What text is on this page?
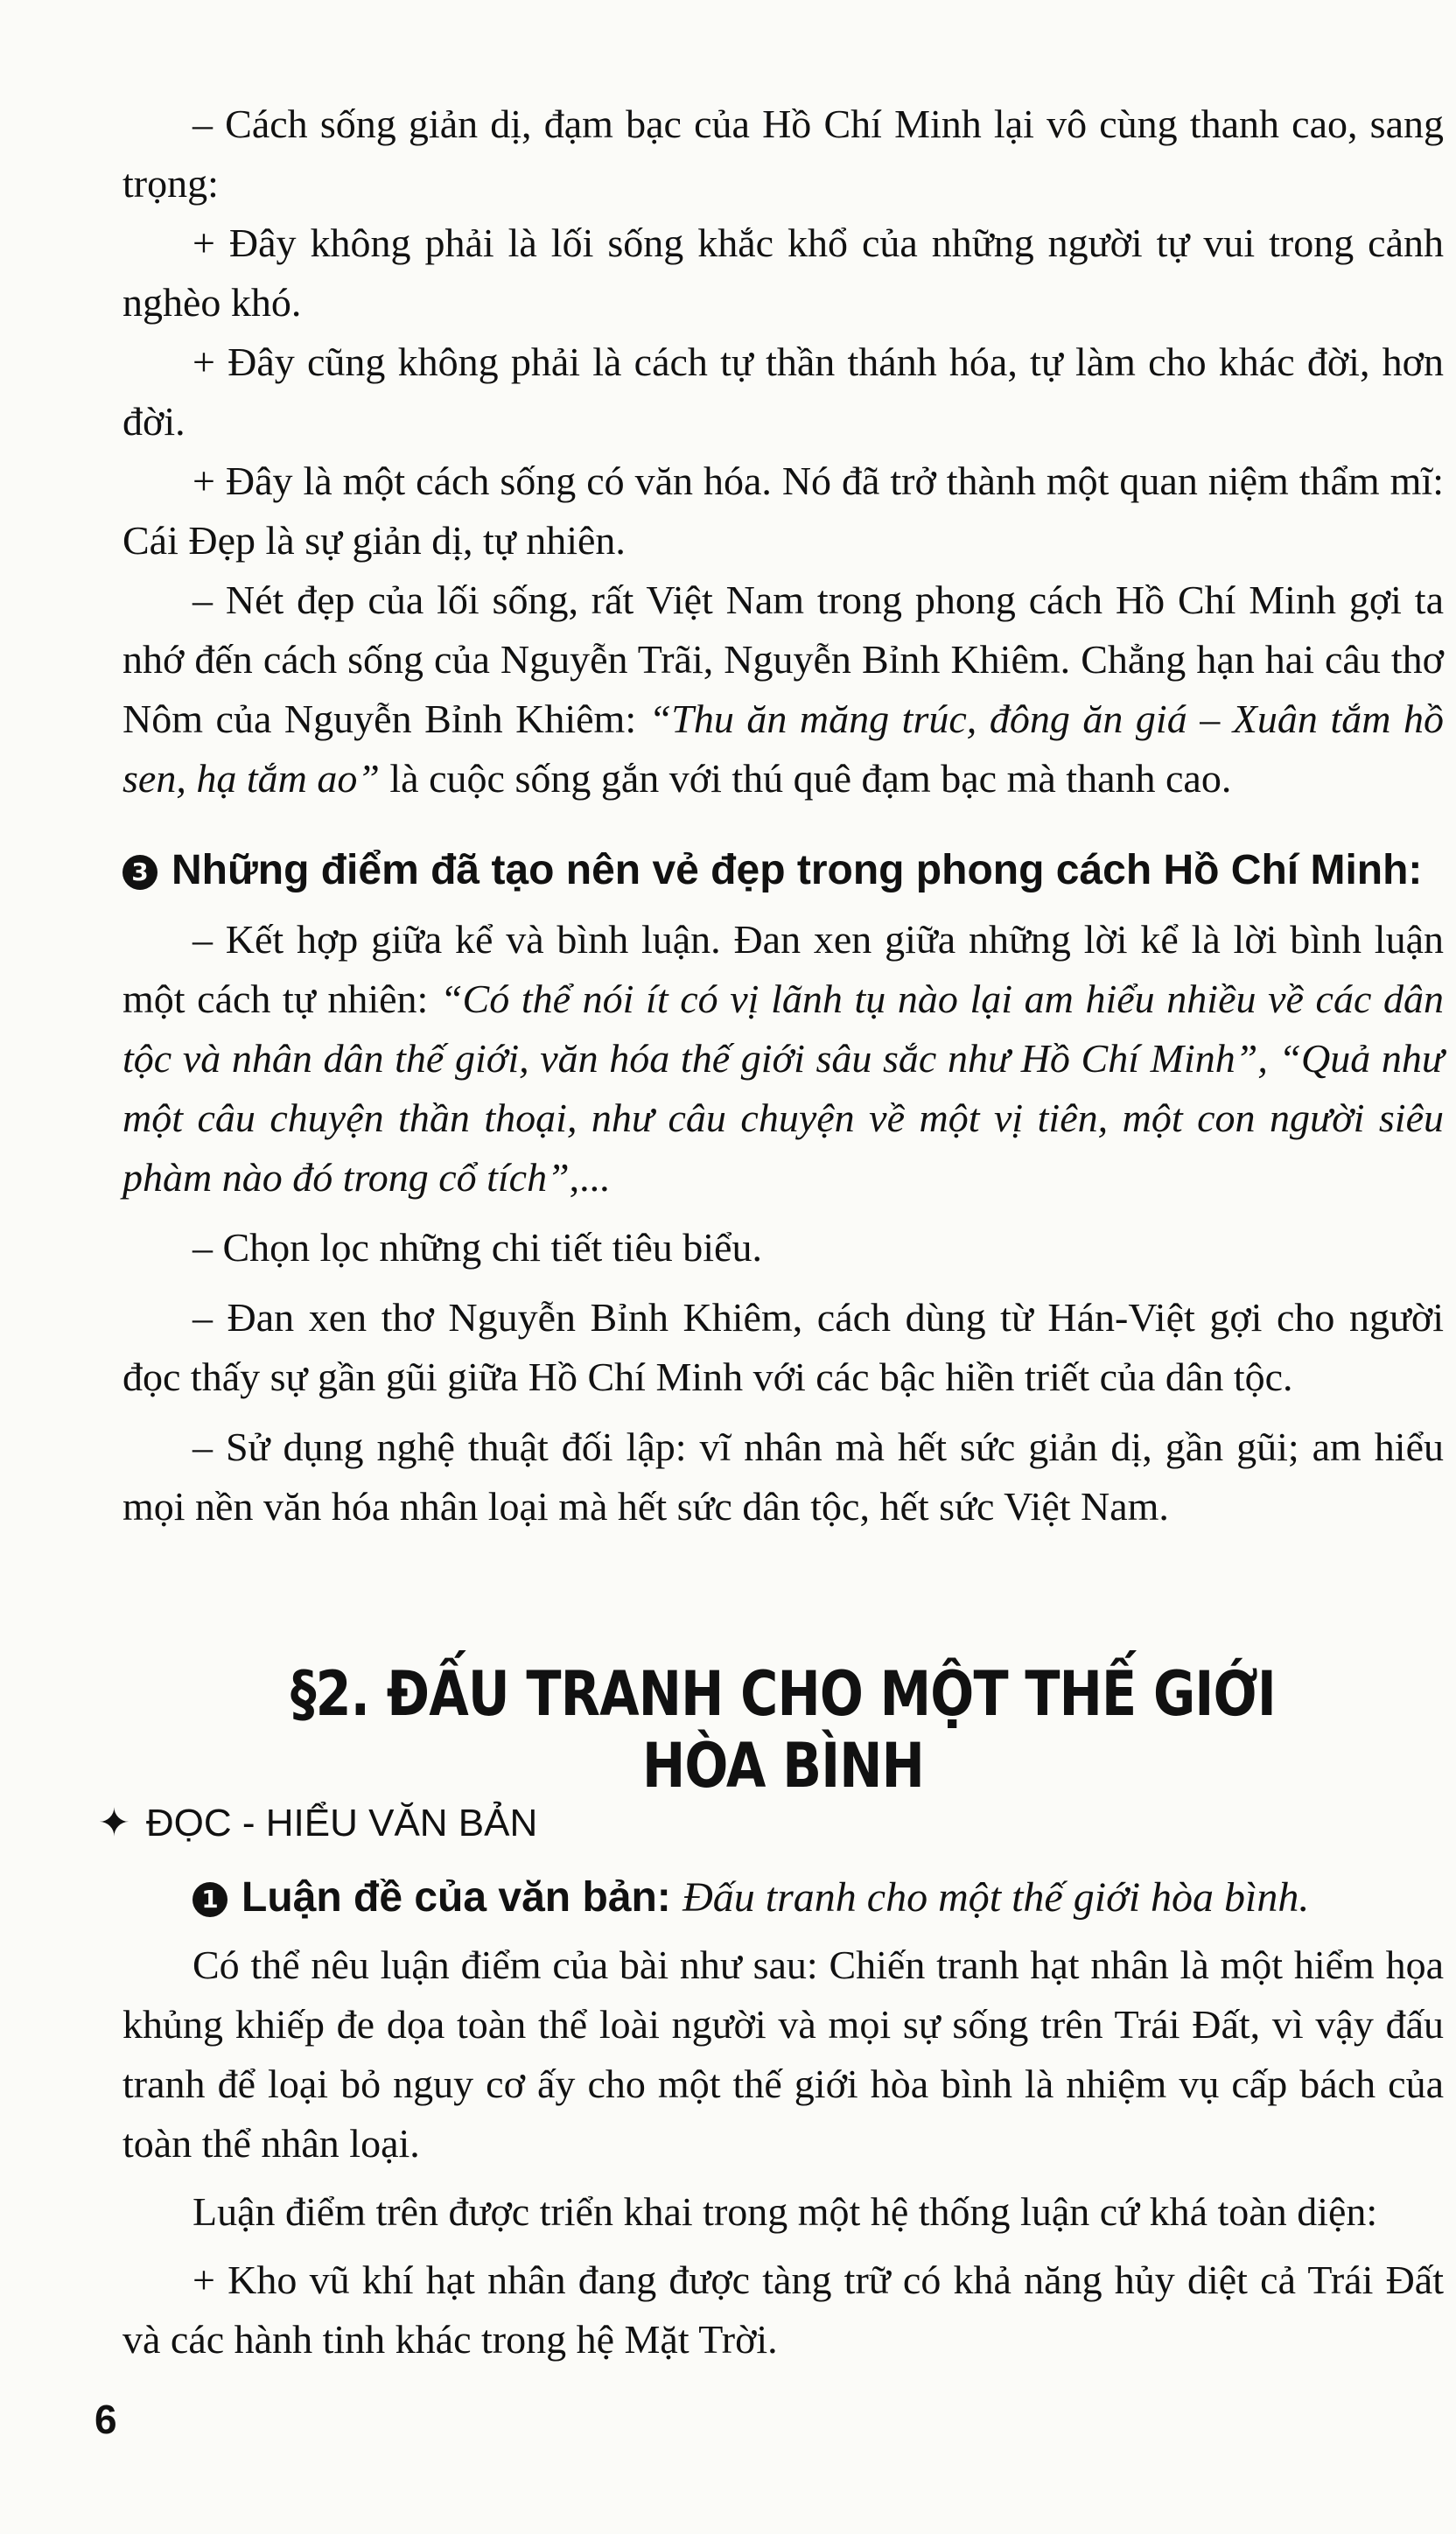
– Cách sống giản dị, đạm bạc của Hồ Chí Minh lại vô cùng thanh cao, sang trọng:

+ Đây không phải là lối sống khắc khổ của những người tự vui trong cảnh nghèo khó.

+ Đây cũng không phải là cách tự thần thánh hóa, tự làm cho khác đời, hơn đời.

+ Đây là một cách sống có văn hóa. Nó đã trở thành một quan niệm thẩm mĩ: Cái Đẹp là sự giản dị, tự nhiên.

– Nét đẹp của lối sống, rất Việt Nam trong phong cách Hồ Chí Minh gợi ta nhớ đến cách sống của Nguyễn Trãi, Nguyễn Bỉnh Khiêm. Chẳng hạn hai câu thơ Nôm của Nguyễn Bỉnh Khiêm: “Thu ăn măng trúc, đông ăn giá – Xuân tắm hồ sen, hạ tắm ao” là cuộc sống gắn với thú quê đạm bạc mà thanh cao.

3 Những điểm đã tạo nên vẻ đẹp trong phong cách Hồ Chí Minh:

– Kết hợp giữa kể và bình luận. Đan xen giữa những lời kể là lời bình luận một cách tự nhiên: “Có thể nói ít có vị lãnh tụ nào lại am hiểu nhiều về các dân tộc và nhân dân thế giới, văn hóa thế giới sâu sắc như Hồ Chí Minh”, “Quả như một câu chuyện thần thoại, như câu chuyện về một vị tiên, một con người siêu phàm nào đó trong cổ tích”,...

– Chọn lọc những chi tiết tiêu biểu.

– Đan xen thơ Nguyễn Bỉnh Khiêm, cách dùng từ Hán-Việt gợi cho người đọc thấy sự gần gũi giữa Hồ Chí Minh với các bậc hiền triết của dân tộc.

– Sử dụng nghệ thuật đối lập: vĩ nhân mà hết sức giản dị, gần gũi; am hiểu mọi nền văn hóa nhân loại mà hết sức dân tộc, hết sức Việt Nam.

§2. ĐẤU TRANH CHO MỘT THẾ GIỚI HÒA BÌNH
✦ ĐỌC - HIỂU VĂN BẢN

1 Luận đề của văn bản: Đấu tranh cho một thế giới hòa bình.

Có thể nêu luận điểm của bài như sau: Chiến tranh hạt nhân là một hiểm họa khủng khiếp đe dọa toàn thể loài người và mọi sự sống trên Trái Đất, vì vậy đấu tranh để loại bỏ nguy cơ ấy cho một thế giới hòa bình là nhiệm vụ cấp bách của toàn thể nhân loại.

Luận điểm trên được triển khai trong một hệ thống luận cứ khá toàn diện:

+ Kho vũ khí hạt nhân đang được tàng trữ có khả năng hủy diệt cả Trái Đất và các hành tinh khác trong hệ Mặt Trời.

6
